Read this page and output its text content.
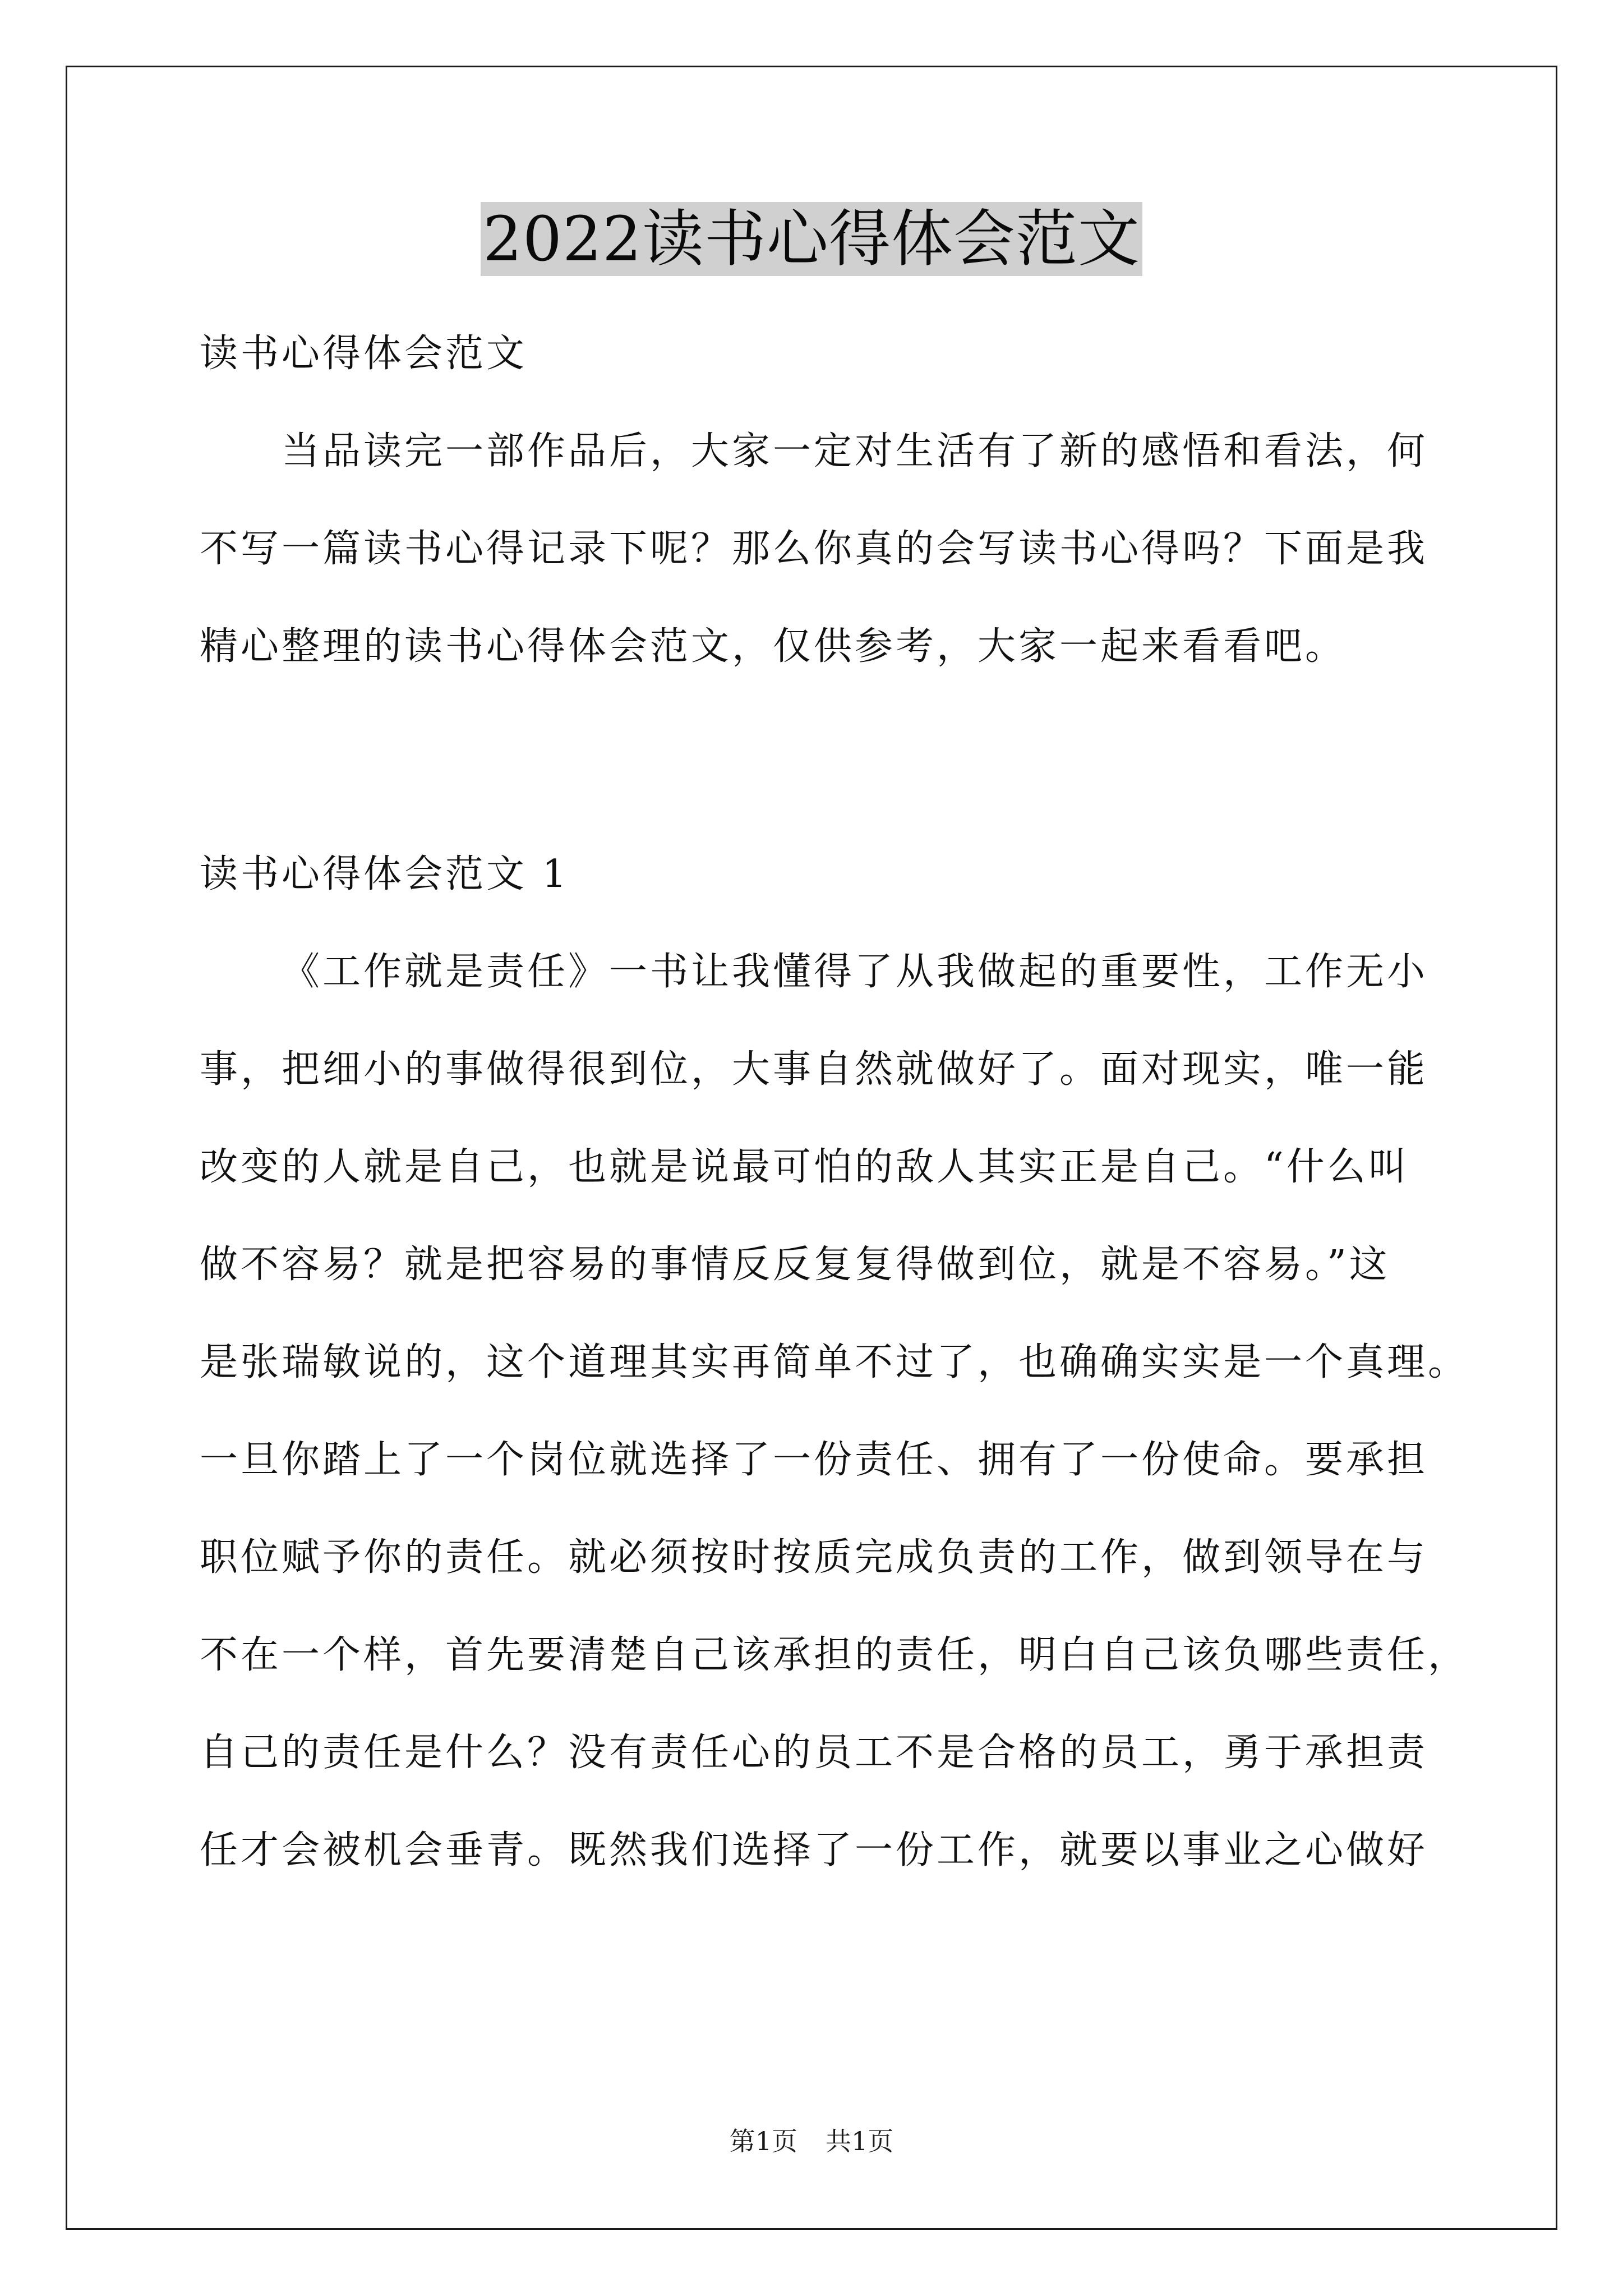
2022读书心得体会范文
读书心得体会范文
当品读完一部作品后，大家一定对生活有了新的感悟和看法，何
不写一篇读书心得记录下呢？那么你真的会写读书心得吗？下面是我
精心整理的读书心得体会范文，仅供参考，大家一起来看看吧。
读书心得体会范文 1
《工作就是责任》一书让我懂得了从我做起的重要性，工作无小
事，把细小的事做得很到位，大事自然就做好了。面对现实，唯一能
改变的人就是自己，也就是说最可怕的敌人其实正是自己。“什么叫
做不容易？就是把容易的事情反反复复得做到位，就是不容易。”这
是张瑞敏说的，这个道理其实再简单不过了，也确确实实是一个真理。
一旦你踏上了一个岗位就选择了一份责任、拥有了一份使命。要承担
职位赋予你的责任。就必须按时按质完成负责的工作，做到领导在与
不在一个样，首先要清楚自己该承担的责任，明白自己该负哪些责任，
自己的责任是什么？没有责任心的员工不是合格的员工，勇于承担责
任才会被机会垂青。既然我们选择了一份工作，就要以事业之心做好
第1页 共1页
